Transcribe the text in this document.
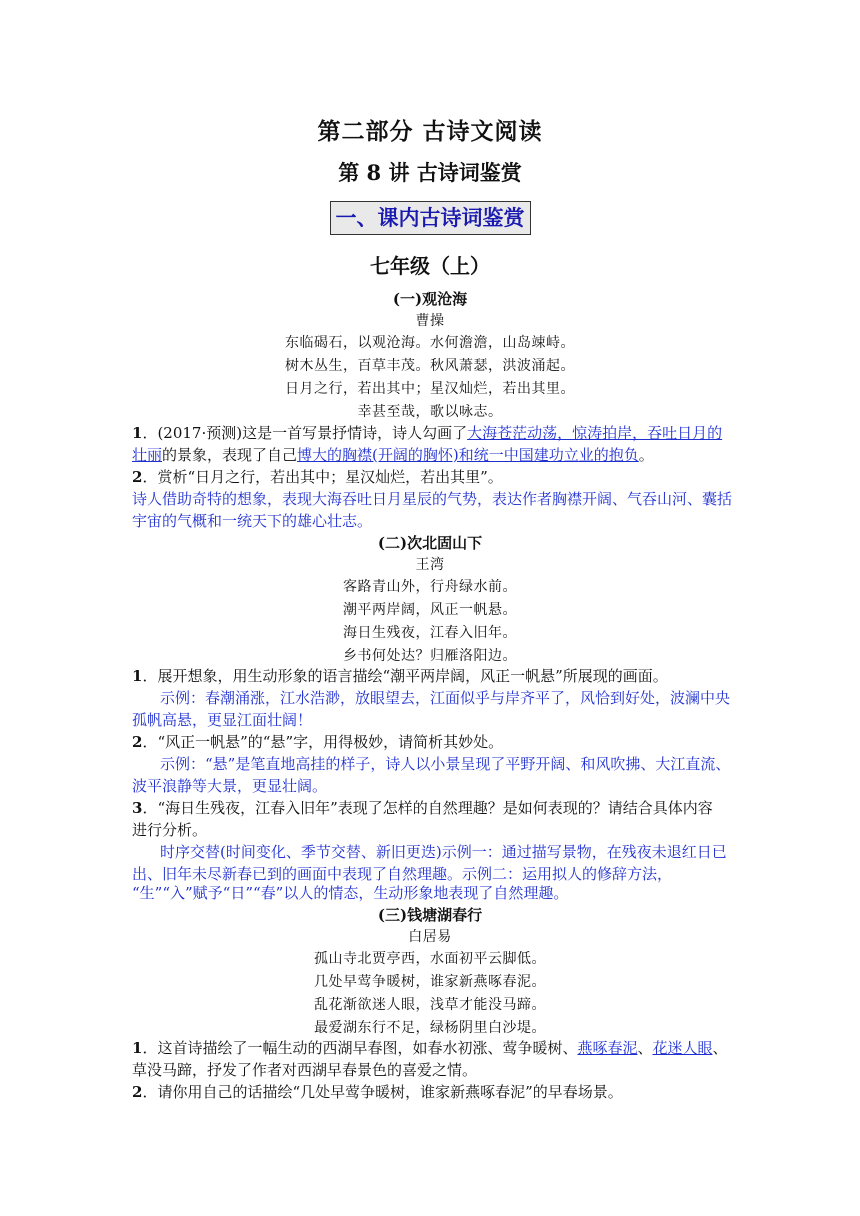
第二部分 古诗文阅读
第 8 讲 古诗词鉴赏
一、课内古诗词鉴赏
七年级（上）
(一)观沧海
曹操
东临碣石，以观沧海。水何澹澹，山岛竦峙。
树木丛生，百草丰茂。秋风萧瑟，洪波涌起。
日月之行，若出其中；星汉灿烂，若出其里。
幸甚至哉，歌以咏志。
1．(2017·预测)这是一首写景抒情诗，诗人勾画了大海苍茫动荡，惊涛拍岸，吞吐日月的
壮丽的景象，表现了自己博大的胸襟(开阔的胸怀)和统一中国建功立业的抱负。
2．赏析“日月之行，若出其中；星汉灿烂，若出其里”。
诗人借助奇特的想象，表现大海吞吐日月星辰的气势，表达作者胸襟开阔、气吞山河、囊括
宇宙的气概和一统天下的雄心壮志。
(二)次北固山下
王湾
客路青山外，行舟绿水前。
潮平两岸阔，风正一帆悬。
海日生残夜，江春入旧年。
乡书何处达？归雁洛阳边。
1．展开想象，用生动形象的语言描绘“潮平两岸阔，风正一帆悬”所展现的画面。
示例：春潮涌涨，江水浩渺，放眼望去，江面似乎与岸齐平了，风恰到好处，波澜中央
孤帆高悬，更显江面壮阔！
2．“风正一帆悬”的“悬”字，用得极妙，请简析其妙处。
示例：“悬”是笔直地高挂的样子，诗人以小景呈现了平野开阔、和风吹拂、大江直流、
波平浪静等大景，更显壮阔。
3．“海日生残夜，江春入旧年”表现了怎样的自然理趣？是如何表现的？请结合具体内容
进行分析。
时序交替(时间变化、季节交替、新旧更迭)示例一：通过描写景物，在残夜未退红日已
出、旧年未尽新春已到的画面中表现了自然理趣。示例二：运用拟人的修辞方法，
“生”“入”赋予“日”“春”以人的情态，生动形象地表现了自然理趣。
(三)钱塘湖春行
白居易
孤山寺北贾亭西，水面初平云脚低。
几处早莺争暖树，谁家新燕啄春泥。
乱花渐欲迷人眼，浅草才能没马蹄。
最爱湖东行不足，绿杨阴里白沙堤。
1．这首诗描绘了一幅生动的西湖早春图，如春水初涨、莺争暖树、燕啄春泥、花迷人眼、
草没马蹄，抒发了作者对西湖早春景色的喜爱之情。
2．请你用自己的话描绘“几处早莺争暖树，谁家新燕啄春泥”的早春场景。
